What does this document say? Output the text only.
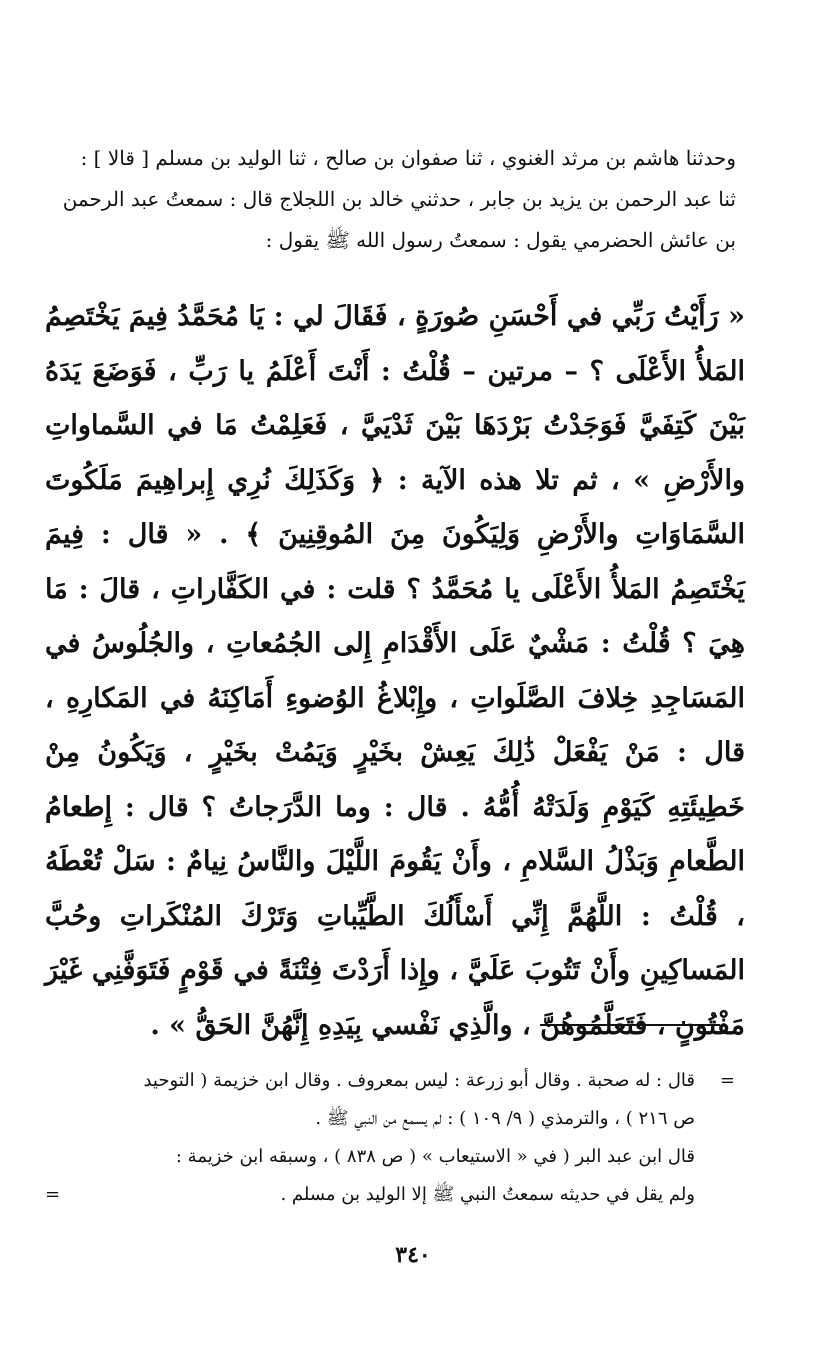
وحدثنا هاشم بن مرثد الغنوي ، ثنا صفوان بن صالح ، ثنا الوليد بن مسلم [ قالا ] :

ثنا عبد الرحمن بن يزيد بن جابر ، حدثني خالد بن اللجلاج قال : سمعتُ عبد الرحمن

بن عائش الحضرمي يقول : سمعتُ رسول الله ﷺ يقول :

« رَأَيْتُ رَبِّي في أَحْسَنِ صُورَةٍ ، فَقَالَ لي : يَا مُحَمَّدُ فِيمَ يَخْتَصِمُ المَلأُ الأَعْلَى ؟ – مرتين – قُلْتُ : أَنْتَ أَعْلَمُ يا رَبِّ ، فَوَضَعَ يَدَهُ بَيْنَ كَتِفَيَّ فَوَجَدْتُ بَرْدَهَا بَيْنَ ثَدْيَيَّ ، فَعَلِمْتُ مَا في السَّماواتِ والأَرْضِ » ، ثم تلا هذه الآية : ﴿ وَكَذَلِكَ نُرِي إِبراهِيمَ مَلَكُوتَ السَّمَاوَاتِ والأَرْضِ وَلِيَكُونَ مِنَ المُوقِنِينَ ﴾ . « قال : فِيمَ يَخْتَصِمُ المَلأُ الأَعْلَى يا مُحَمَّدُ ؟ قلت : في الكَفَّاراتِ ، قالَ : مَا هِيَ ؟ قُلْتُ : مَشْيٌ عَلَى الأَقْدَامِ إِلى الجُمُعاتِ ، والجُلُوسُ في المَسَاجِدِ خِلافَ الصَّلَواتِ ، وإِبْلاغُ الوُضوءِ أَمَاكِنَهُ في المَكارِهِ ، قال : مَنْ يَفْعَلْ ذَٰلِكَ يَعِشْ بخَيْرٍ وَيَمُتْ بخَيْرٍ ، وَيَكُونُ مِنْ خَطِيئَتِهِ كَيَوْمِ وَلَدَتْهُ أُمُّهُ . قال : وما الدَّرَجاتُ ؟ قال : إِطعامُ الطَّعامِ وَبَذْلُ السَّلامِ ، وأَنْ يَقُومَ اللَّيْلَ والنَّاسُ نِيامٌ : سَلْ تُعْطَهُ ، قُلْتُ : اللَّهُمَّ إِنِّي أَسْأَلُكَ الطَّيِّباتِ وَتَرْكَ المُنْكَراتِ وحُبَّ المَساكِينِ وأَنْ تَتُوبَ عَلَيَّ ، وإِذا أَرَدْتَ فِتْنَةً في قَوْمٍ فَتَوَفَّنِي غَيْرَ مَفْتُونٍ ، فَتَعَلَّمُوهُنَّ ، والَّذِي نَفْسي بِيَدِهِ إِنَّهُنَّ الحَقُّ » .

=
قال : له صحبة . وقال أبو زرعة : ليس بمعروف . وقال ابن خزيمة ( التوحيد

ص ٢١٦ ) ، والترمذي ( ٩/ ١٠٩ ) : لم يسمع من النبي ﷺ .

قال ابن عبد البر ( في « الاستيعاب » ( ص ٨٣٨ ) ، وسبقه ابن خزيمة :

ولم يقل في حديثه سمعتُ النبي ﷺ إلا الوليد بن مسلم .
=

٣٤٠
